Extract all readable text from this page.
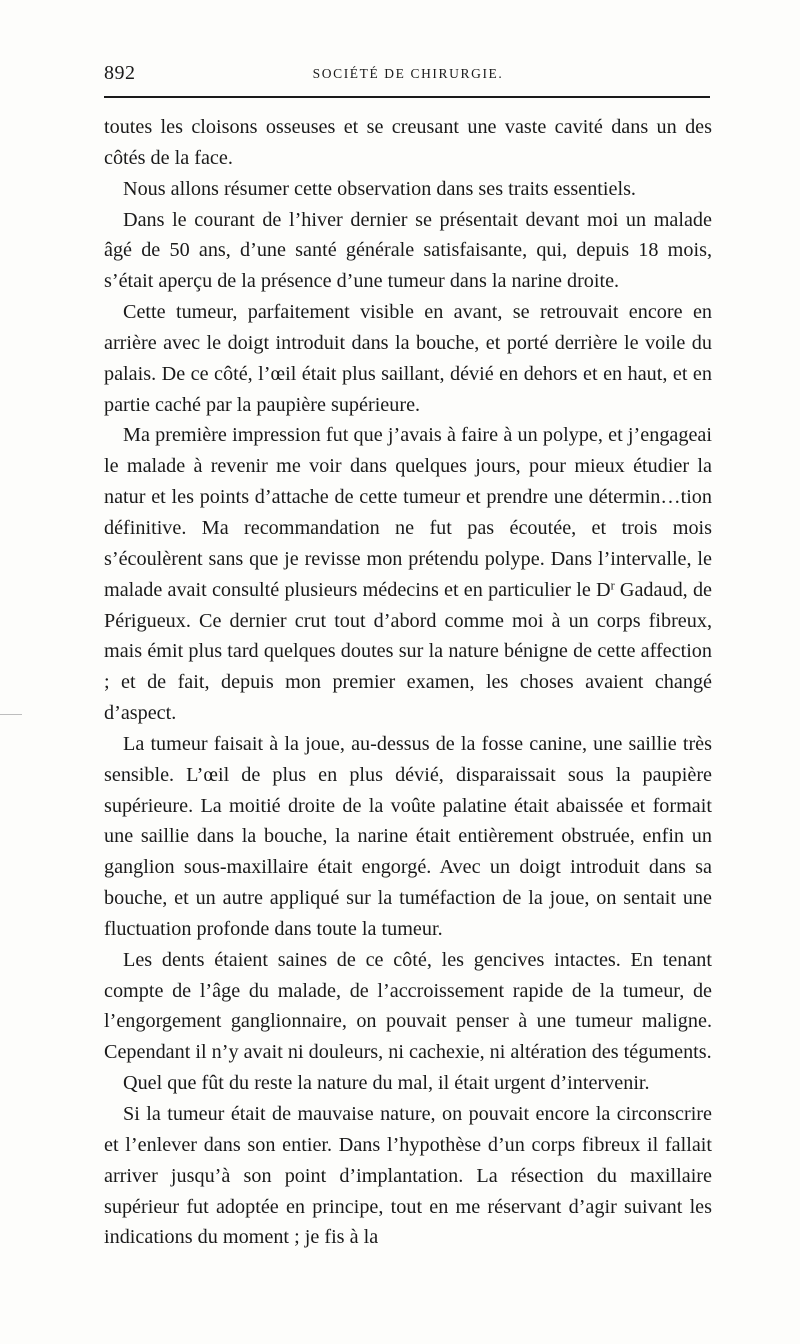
892	SOCIÉTÉ DE CHIRURGIE.

toutes les cloisons osseuses et se creusant une vaste cavité dans un des côtés de la face.

Nous allons résumer cette observation dans ses traits essentiels.

Dans le courant de l’hiver dernier se présentait devant moi un malade âgé de 50 ans, d’une santé générale satisfaisante, qui, depuis 18 mois, s’était aperçu de la présence d’une tumeur dans la narine droite.

Cette tumeur, parfaitement visible en avant, se retrouvait encore en arrière avec le doigt introduit dans la bouche, et porté derrière le voile du palais. De ce côté, l’œil était plus saillant, dévié en dehors et en haut, et en partie caché par la paupière supérieure.

Ma première impression fut que j’avais à faire à un polype, et j’engageai le malade à revenir me voir dans quelques jours, pour mieux étudier la natur et les points d’attache de cette tumeur et prendre une détermin…tion définitive. Ma recommandation ne fut pas écoutée, et trois mois s’écoulèrent sans que je revisse mon prétendu polype. Dans l’intervalle, le malade avait consulté plusieurs médecins et en particulier le $D^r$ Gadaud, de Périgueux. Ce dernier crut tout d’abord comme moi à un corps fibreux, mais émit plus tard quelques doutes sur la nature bénigne de cette affection ; et de fait, depuis mon premier examen, les choses avaient changé d’aspect.

La tumeur faisait à la joue, au-dessus de la fosse canine, une saillie très sensible. L’œil de plus en plus dévié, disparaissait sous la paupière supérieure. La moitié droite de la voûte palatine était abaissée et formait une saillie dans la bouche, la narine était entièrement obstruée, enfin un ganglion sous-maxillaire était engorgé. Avec un doigt introduit dans sa bouche, et un autre appliqué sur la tuméfaction de la joue, on sentait une fluctuation profonde dans toute la tumeur.

Les dents étaient saines de ce côté, les gencives intactes. En tenant compte de l’âge du malade, de l’accroissement rapide de la tumeur, de l’engorgement ganglionnaire, on pouvait penser à une tumeur maligne. Cependant il n’y avait ni douleurs, ni cachexie, ni altération des téguments.

Quel que fût du reste la nature du mal, il était urgent d’intervenir.

Si la tumeur était de mauvaise nature, on pouvait encore la circonscrire et l’enlever dans son entier. Dans l’hypothèse d’un corps fibreux il fallait arriver jusqu’à son point d’implantation. La résection du maxillaire supérieur fut adoptée en principe, tout en me réservant d’agir suivant les indications du moment ; je fis à la
